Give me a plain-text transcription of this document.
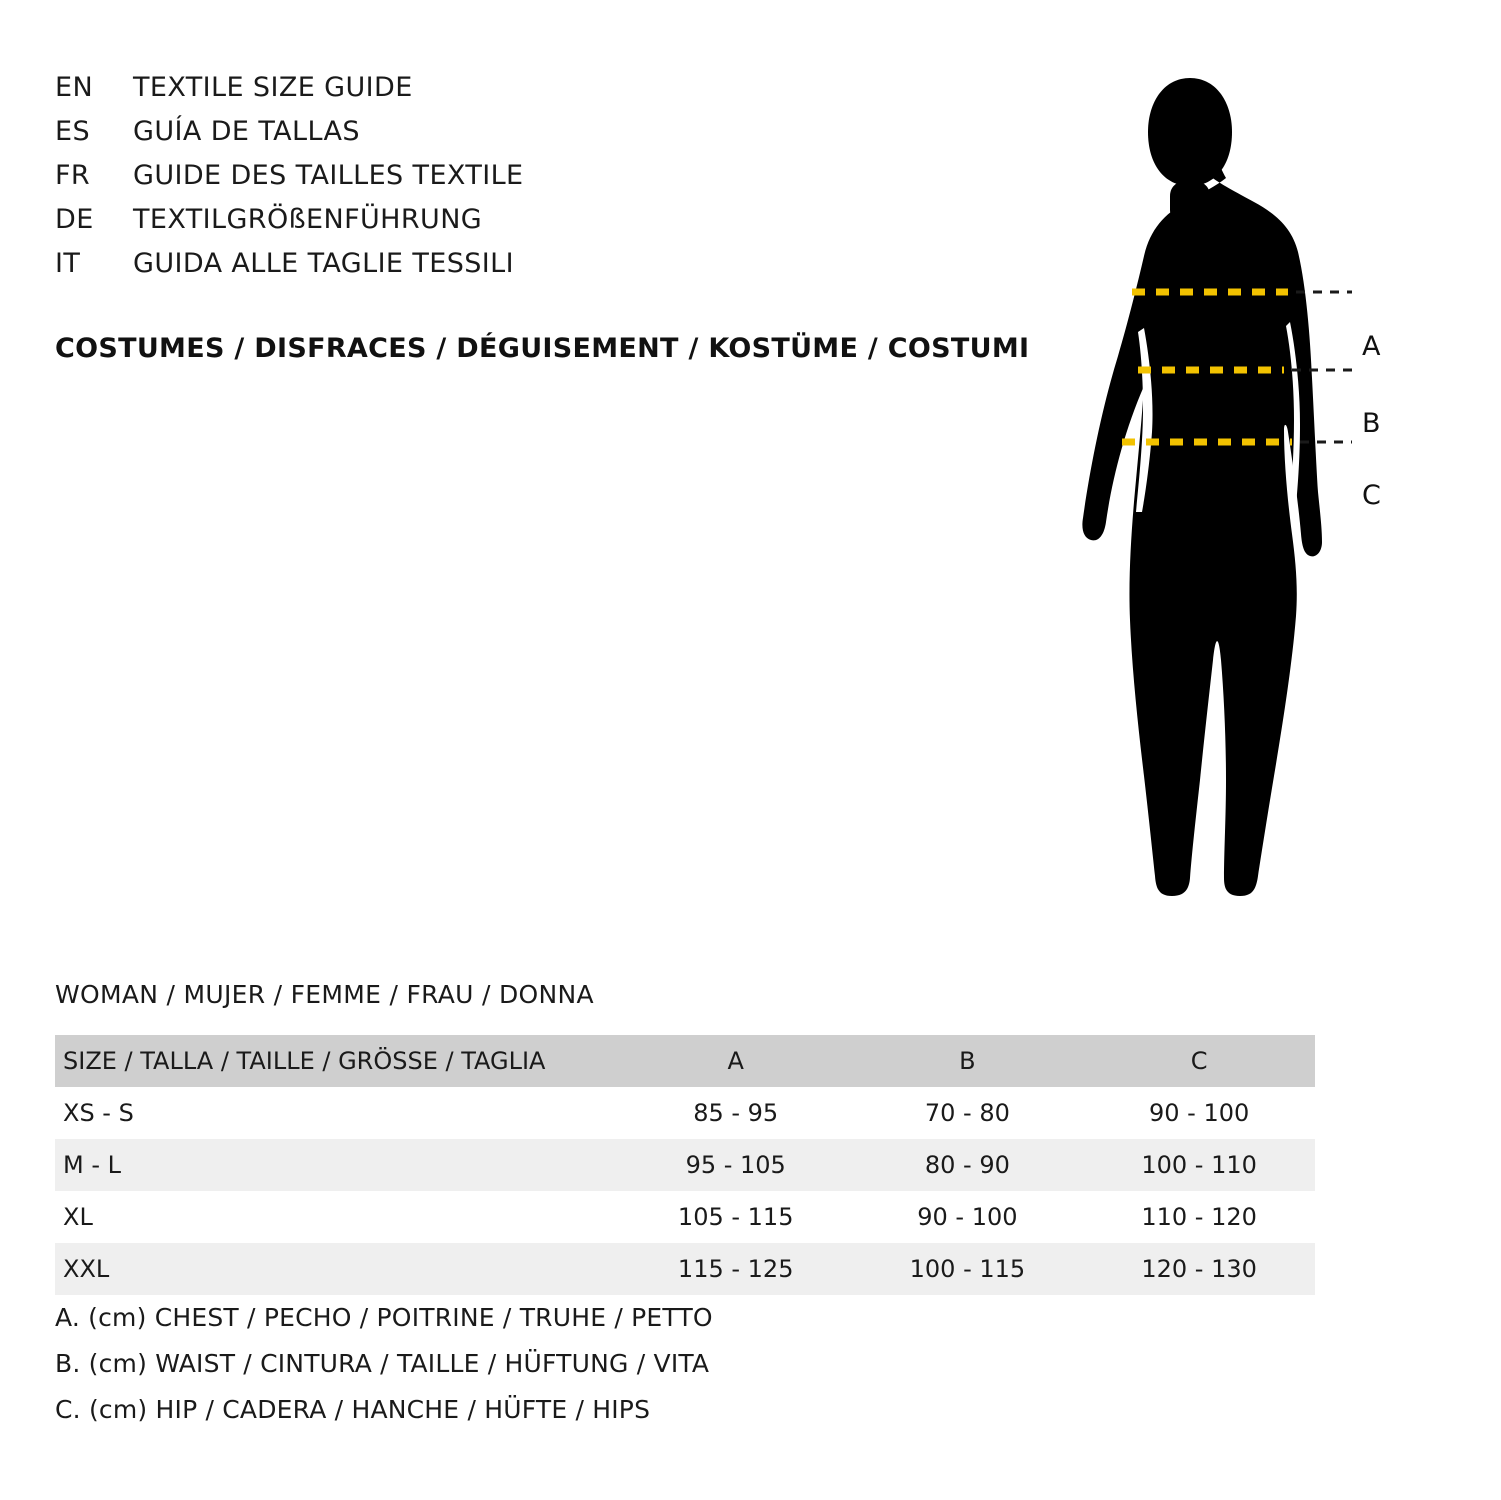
EN	TEXTILE SIZE GUIDE
ES	GUÍA DE TALLAS
FR	GUIDE DES TAILLES TEXTILE
DE	TEXTILGRÖßENFÜHRUNG
IT	GUIDA ALLE TAGLIE TESSILI
COSTUMES / DISFRACES / DÉGUISEMENT / KOSTÜME / COSTUMI	A
B
C
WOMAN / MUJER / FEMME / FRAU / DONNA
SIZE / TALLA / TAILLE / GRÖSSE / TAGLIA	A	B	C
XS - S	85 - 95	70 - 80	90 - 100
M - L	95 - 105	80 - 90	100 - 110
XL	105 - 115	90 - 100	110 - 120
XXL	115 - 125	100 - 115	120 - 130
A. (cm) CHEST / PECHO / POITRINE / TRUHE / PETTO
B. (cm) WAIST / CINTURA / TAILLE / HÜFTUNG / VITA
C. (cm) HIP / CADERA / HANCHE / HÜFTE / HIPS
